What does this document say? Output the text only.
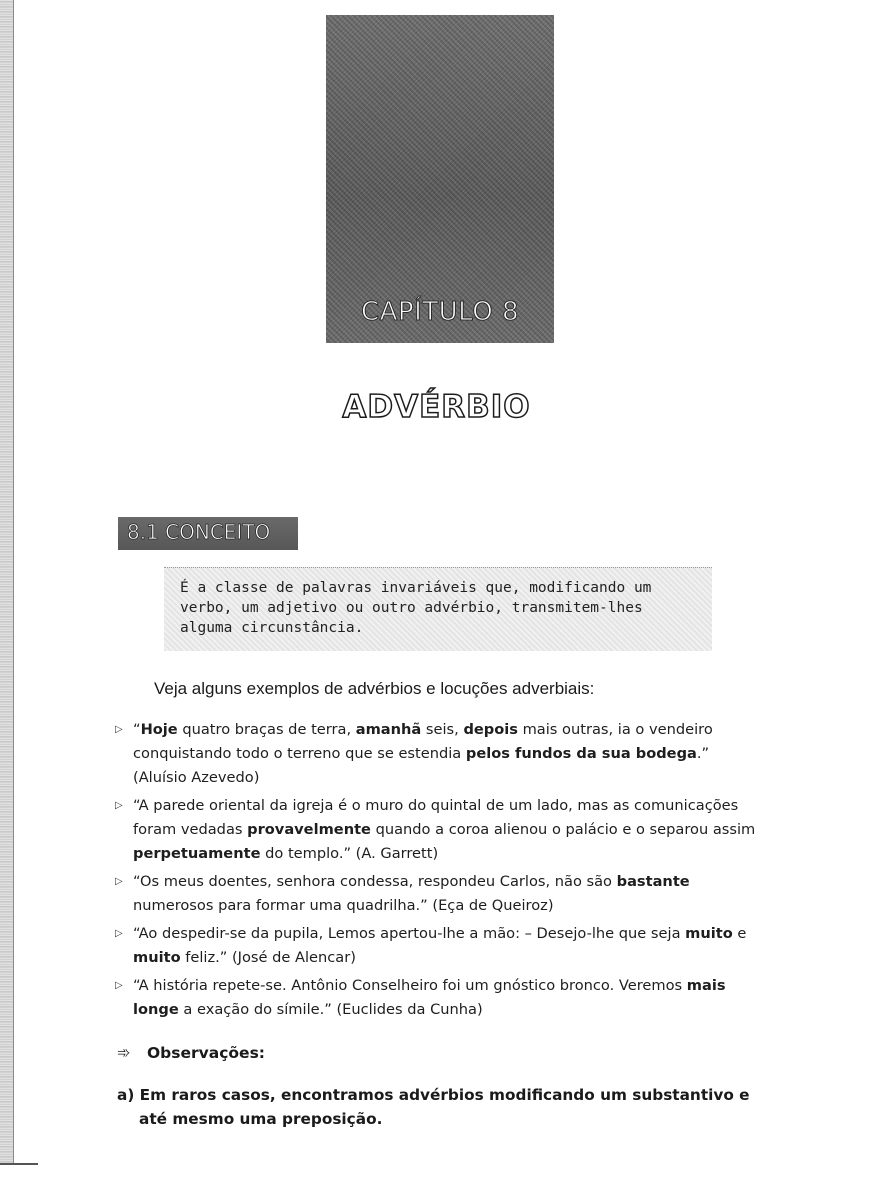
CAPÍTULO 8
ADVÉRBIO
8.1 CONCEITO
É a classe de palavras invariáveis que, modificando um verbo, um adjetivo ou outro advérbio, transmitem-lhes alguma circunstância.

Veja alguns exemplos de advérbios e locuções adverbiais:

▷ “Hoje quatro braças de terra, amanhã seis, depois mais outras, ia o vendeiro conquistando todo o terreno que se estendia pelos fundos da sua bodega.” (Aluísio Azevedo)
▷ “A parede oriental da igreja é o muro do quintal de um lado, mas as comunicações foram vedadas provavelmente quando a coroa alienou o palácio e o separou assim perpetuamente do templo.” (A. Garrett)
▷ “Os meus doentes, senhora condessa, respondeu Carlos, não são bastante numerosos para formar uma quadrilha.” (Eça de Queiroz)
▷ “Ao despedir-se da pupila, Lemos apertou-lhe a mão: – Desejo-lhe que seja muito e muito feliz.” (José de Alencar)
▷ “A história repete-se. Antônio Conselheiro foi um gnóstico bronco. Veremos mais longe a exação do símile.” (Euclides da Cunha)
➾ Observações:
a) Em raros casos, encontramos advérbios modificando um substantivo e até mesmo uma preposição.
